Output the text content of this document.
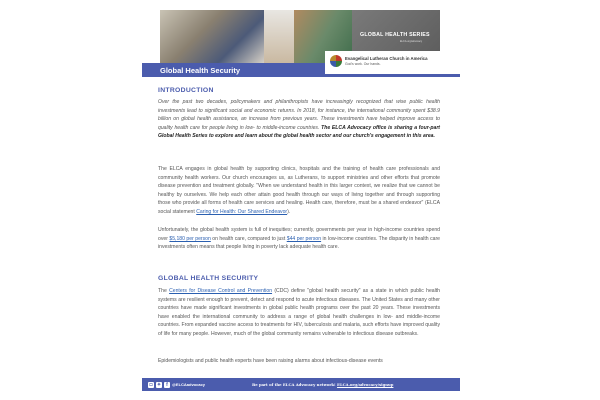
GLOBAL HEALTH SERIES
ELCA.org/advocacy
Global Health Security
Evangelical Lutheran Church in America
God's work. Our hands.
INTRODUCTION

Over the past two decades, policymakers and philanthropists have increasingly recognized that wise public health investments lead to significant social and economic returns. In 2018, for instance, the international community spent $38.9 billion on global health assistance, an increase from previous years. These investments have helped improve access to quality health care for people living in low- to middle-income countries. The ELCA Advocacy office is sharing a four-part Global Health Series to explore and learn about the global health sector and our church's engagement in this area.

The ELCA engages in global health by supporting clinics, hospitals and the training of health care professionals and community health workers. Our church encourages us, as Lutherans, to support ministries and other efforts that promote disease prevention and treatment globally. "When we understand health in this larger context, we realize that we cannot be healthy by ourselves. We help each other attain good health through our ways of living together and through supporting those who provide all forms of health care services and healing. Health care, therefore, must be a shared endeavor" (ELCA social statement Caring for Health: Our Shared Endeavor).

Unfortunately, the global health system is full of inequities; currently, governments per year in high-income countries spend over $5,180 per person on health care, compared to just $44 per person in low-income countries. The disparity in health care investments often means that people living in poverty lack adequate health care.

GLOBAL HEALTH SECURITY

The Centers for Disease Control and Prevention (CDC) define "global health security" as a state in which public health systems are resilient enough to prevent, detect and respond to acute infectious diseases. The United States and many other countries have made significant investments in global public health programs over the past 20 years. These investments have enabled the international community to address a range of global health challenges in low- and middle-income countries. From expanded vaccine access to treatments for HIV, tuberculosis and malaria, such efforts have improved quality of life for many people. However, much of the global community remains vulnerable to infectious disease outbreaks.

Epidemiologists and public health experts have been raising alarms about infectious-disease events

◘ ✦	f	@ELCAadvocacy	Be part of the ELCA Advocacy network! ELCA.org/advocacy/signup
